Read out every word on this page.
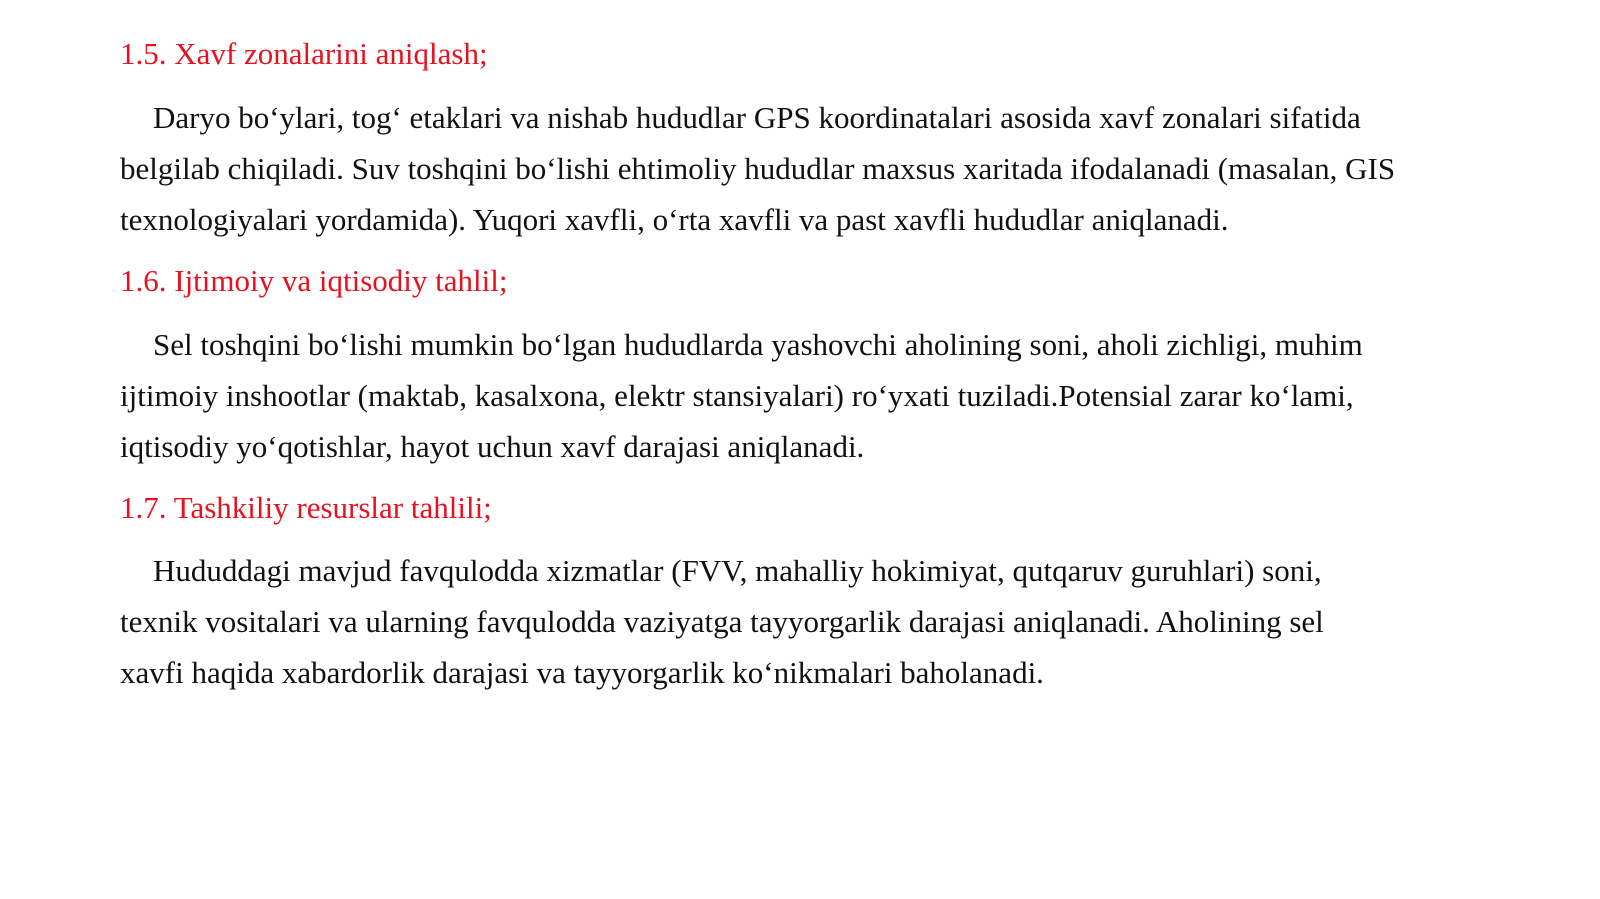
1.5. Xavf zonalarini aniqlash;

Daryo bo‘ylari, tog‘ etaklari va nishab hududlar GPS koordinatalari asosida xavf zonalari sifatida
belgilab chiqiladi. Suv toshqini bo‘lishi ehtimoliy hududlar maxsus xaritada ifodalanadi (masalan, GIS
texnologiyalari yordamida). Yuqori xavfli, o‘rta xavfli va past xavfli hududlar aniqlanadi.

1.6. Ijtimoiy va iqtisodiy tahlil;

Sel toshqini bo‘lishi mumkin bo‘lgan hududlarda yashovchi aholining soni, aholi zichligi, muhim
ijtimoiy inshootlar (maktab, kasalxona, elektr stansiyalari) ro‘yxati tuziladi.Potensial zarar ko‘lami,
iqtisodiy yo‘qotishlar, hayot uchun xavf darajasi aniqlanadi.

1.7. Tashkiliy resurslar tahlili;

Hududdagi mavjud favqulodda xizmatlar (FVV, mahalliy hokimiyat, qutqaruv guruhlari) soni,
texnik vositalari va ularning favqulodda vaziyatga tayyorgarlik darajasi aniqlanadi. Aholining sel
xavfi haqida xabardorlik darajasi va tayyorgarlik ko‘nikmalari baholanadi.
